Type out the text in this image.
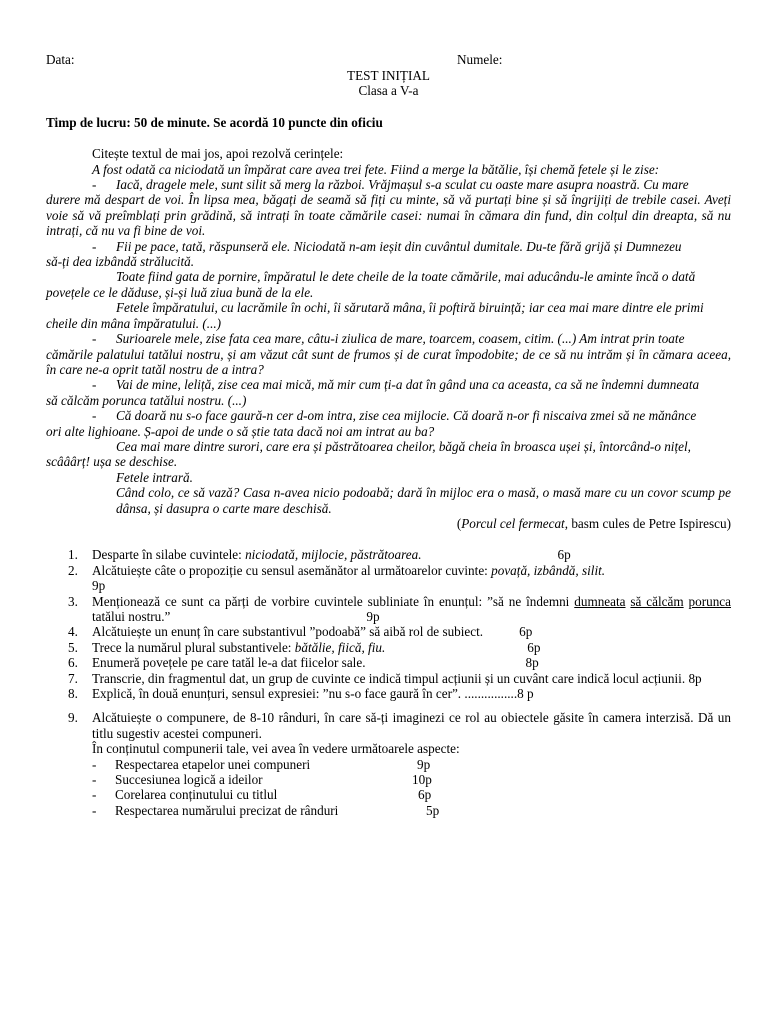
Data:	Numele:
TEST INIȚIAL
Clasa a V-a
Timp de lucru: 50 de minute. Se acordă 10 puncte din oficiu
Citește textul de mai jos, apoi rezolvă cerințele:

A fost odată ca niciodată un împărat care avea trei fete. Fiind a merge la bătălie, își chemă fetele și le zise:

- Iacă, dragele mele, sunt silit să merg la război. Vrăjmașul s-a sculat cu oaste mare asupra noastră. Cu mare

durere mă despart de voi. În lipsa mea, băgați de seamă să fiți cu minte, să vă purtați bine și să îngrijiți de trebile casei. Aveți voie să vă preîmblați prin grădină, să intrați în toate cămările casei: numai în cămara din fund, din colțul din dreapta, să nu intrați, că nu va fi bine de voi.

- Fii pe pace, tată, răspunseră ele. Niciodată n-am ieșit din cuvântul dumitale. Du-te fără grijă și Dumnezeu

să-ți dea izbândă strălucită.

Toate fiind gata de pornire, împăratul le dete cheile de la toate cămările, mai aducându-le aminte încă o dată

povețele ce le dăduse, și-și luă ziua bună de la ele.

Fetele împăratului, cu lacrămile în ochi, îi sărutară mâna, îi poftiră biruință; iar cea mai mare dintre ele primi

cheile din mâna împăratului. (...)

- Surioarele mele, zise fata cea mare, câtu-i ziulica de mare, toarcem, coasem, citim. (...) Am intrat prin toate

cămările palatului tatălui nostru, și am văzut cât sunt de frumos și de curat împodobite; de ce să nu intrăm și în cămara aceea, în care ne-a oprit tatăl nostru de a intra?

- Vai de mine, leliță, zise cea mai mică, mă mir cum ți-a dat în gând una ca aceasta, ca să ne îndemni dumneata

să călcăm porunca tatălui nostru. (...)

- Că doară nu s-o face gaură-n cer d-om intra, zise cea mijlocie. Că doară n-or fi niscaiva zmei să ne mănânce

ori alte lighioane. Ș-apoi de unde o să știe tata dacă noi am intrat au ba?

Cea mai mare dintre surori, care era și păstrătoarea cheilor, băgă cheia în broasca ușei și, întorcând-o nițel,

scââârț! ușa se deschise.

Fetele intrară.

Când colo, ce să vază? Casa n-avea nicio podoabă; dară în mijloc era o masă, o masă mare cu un covor scump pe dânsa, și dasupra o carte mare deschisă.

(Porcul cel fermecat, basm cules de Petre Ispirescu)

1. Desparte în silabe cuvintele: niciodată, mijlocie, păstrătoarea.	6p
2. Alcătuiește câte o propoziție cu sensul asemănător al următoarelor cuvinte: povață, izbândă, silit.
9p
3. Menționează ce sunt ca părți de vorbire cuvintele subliniate în enunțul: ”să ne îndemni dumneata să călcăm porunca tatălui nostru.”	9p
4. Alcătuiește un enunț în care substantivul ”podoabă” să aibă rol de subiect.	6p
5. Trece la numărul plural substantivele: bătălie, fiică, fiu.	6p
6. Enumeră povețele pe care tatăl le-a dat fiicelor sale.	8p
7. Transcrie, din fragmentul dat, un grup de cuvinte ce indică timpul acțiunii și un cuvânt care indică locul acțiunii. 8p
8. Explică, în două enunțuri, sensul expresiei: ”nu s-o face gaură în cer”. ................8 p
9. Alcătuiește o compunere, de 8-10 rânduri, în care să-ți imaginezi ce rol au obiectele găsite în camera interzisă. Dă un titlu sugestiv acestei compuneri.
În conținutul compunerii tale, vei avea în vedere următoarele aspecte:
- Respectarea etapelor unei compuneri	9p
- Succesiunea logică a ideilor	10p
- Corelarea conținutului cu titlul	6p
- Respectarea numărului precizat de rânduri	5p
